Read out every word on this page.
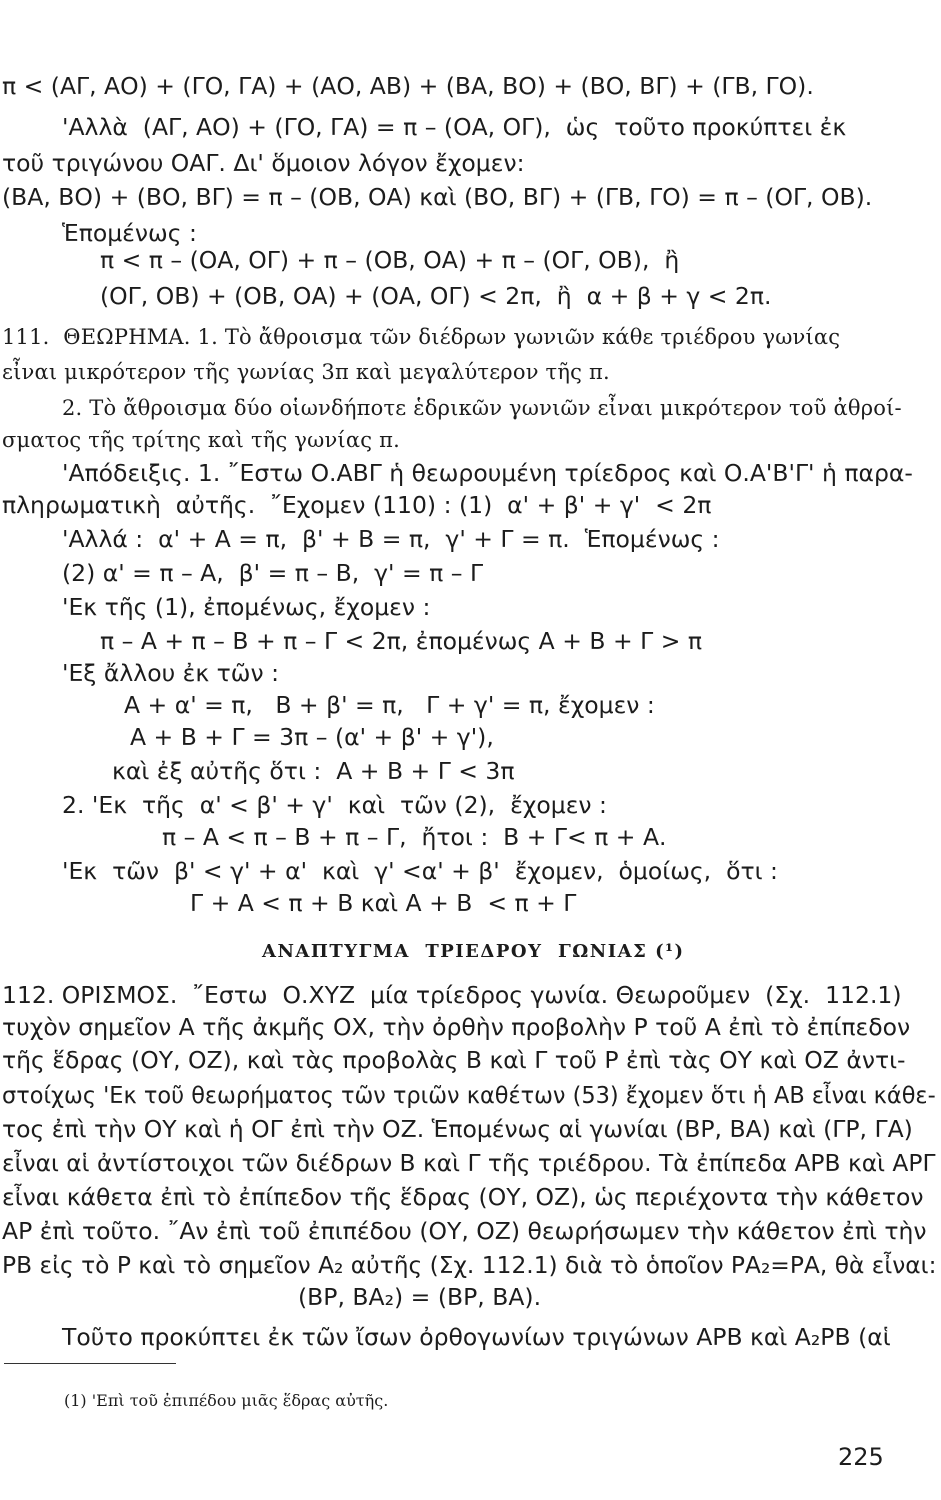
π < (ΑΓ, ΑΟ) + (ΓΟ, ΓΑ) + (ΑΟ, ΑΒ) + (ΒΑ, ΒΟ) + (ΒΟ, ΒΓ) + (ΓΒ, ΓΟ).
'Αλλὰ  (ΑΓ, ΑΟ) + (ΓΟ, ΓΑ) = π – (ΟΑ, ΟΓ),  ὡς  τοῦτο προκύπτει ἐκ
τοῦ τριγώνου ΟΑΓ. Δι' ὅμοιον λόγον ἔχομεν:
(ΒΑ, ΒΟ) + (ΒΟ, ΒΓ) = π – (ΟΒ, ΟΑ) καὶ (ΒΟ, ΒΓ) + (ΓΒ, ΓΟ) = π – (ΟΓ, ΟΒ).
Ἑπομένως :
π < π – (ΟΑ, ΟΓ) + π – (ΟΒ, ΟΑ) + π – (ΟΓ, ΟΒ),  ἢ
(ΟΓ, ΟΒ) + (ΟΒ, ΟΑ) + (ΟΑ, ΟΓ) < 2π,  ἢ  α + β + γ < 2π.
111.  ΘΕΩΡΗΜΑ. 1. Τὸ ἄθροισμα τῶν διέδρων γωνιῶν κάθε τριέδρου γωνίας
εἶναι μικρότερον τῆς γωνίας 3π καὶ μεγαλύτερον τῆς π.
2. Τὸ ἄθροισμα δύο οἱωνδήποτε ἑδρικῶν γωνιῶν εἶναι μικρότερον τοῦ ἀθροί-
σματος τῆς τρίτης καὶ τῆς γωνίας π.
'Απόδειξις. 1. ῎Εστω Ο.ΑΒΓ ἡ θεωρουμένη τρίεδρος καὶ Ο.Α'Β'Γ' ἡ παρα-
πληρωματικὴ  αὐτῆς.  ῎Εχομεν (110) : (1)  α' + β' + γ'  < 2π
'Αλλά :  α' + Α = π,  β' + Β = π,  γ' + Γ = π.  Ἑπομένως :
(2) α' = π – Α,  β' = π – Β,  γ' = π – Γ
'Εκ τῆς (1), ἐπομένως, ἔχομεν :
π – Α + π – Β + π – Γ < 2π, ἐπομένως Α + Β + Γ > π
'Εξ ἄλλου ἐκ τῶν :
Α + α' = π,   Β + β' = π,   Γ + γ' = π, ἔχομεν :
Α + Β + Γ = 3π – (α' + β' + γ'),
καὶ ἐξ αὐτῆς ὅτι :  Α + Β + Γ < 3π
2. 'Εκ  τῆς  α' < β' + γ'  καὶ  τῶν (2),  ἔχομεν :
π – Α < π – Β + π – Γ,  ἤτοι :  Β + Γ< π + Α.
'Εκ  τῶν  β' < γ' + α'  καὶ  γ' <α' + β'  ἔχομεν,  ὁμοίως,  ὅτι :
Γ + Α < π + Β καὶ Α + Β  < π + Γ
ΑΝΑΠΤΥΓΜΑ  ΤΡΙΕΔΡΟΥ  ΓΩΝΙΑΣ (¹)
112. ΟΡΙΣΜΟΣ.  ῎Εστω  Ο.ΧΥΖ  μία τρίεδρος γωνία. Θεωροῦμεν  (Σχ.  112.1)
τυχὸν σημεῖον Α τῆς ἀκμῆς ΟΧ, τὴν ὀρθὴν προβολὴν Ρ τοῦ Α ἐπὶ τὸ ἐπίπεδον
τῆς ἕδρας (ΟΥ, ΟΖ), καὶ τὰς προβολὰς Β καὶ Γ τοῦ Ρ ἐπὶ τὰς ΟΥ καὶ ΟΖ ἀντι-
στοίχως 'Εκ τοῦ θεωρήματος τῶν τριῶν καθέτων (53) ἔχομεν ὅτι ἡ ΑΒ εἶναι κάθε-
τος ἐπὶ τὴν ΟΥ καὶ ἡ ΟΓ ἐπὶ τὴν ΟΖ. Ἑπομένως αἱ γωνίαι (ΒΡ, ΒΑ) καὶ (ΓΡ, ΓΑ)
εἶναι αἱ ἀντίστοιχοι τῶν διέδρων Β καὶ Γ τῆς τριέδρου. Τὰ ἐπίπεδα ΑΡΒ καὶ ΑΡΓ
εἶναι κάθετα ἐπὶ τὸ ἐπίπεδον τῆς ἕδρας (ΟΥ, ΟΖ), ὡς περιέχοντα τὴν κάθετον
ΑΡ ἐπὶ τοῦτο. ῎Αν ἐπὶ τοῦ ἐπιπέδου (ΟΥ, ΟΖ) θεωρήσωμεν τὴν κάθετον ἐπὶ τὴν
ΡΒ εἰς τὸ Ρ καὶ τὸ σημεῖον Α₂ αὐτῆς (Σχ. 112.1) διὰ τὸ ὁποῖον ΡΑ₂=ΡΑ, θὰ εἶναι:
(ΒΡ, ΒΑ₂) = (ΒΡ, ΒΑ).
Τοῦτο προκύπτει ἐκ τῶν ἴσων ὀρθογωνίων τριγώνων ΑΡΒ καὶ Α₂ΡΒ (αἱ
(1) 'Επὶ τοῦ ἐπιπέδου μιᾶς ἕδρας αὐτῆς.
225
